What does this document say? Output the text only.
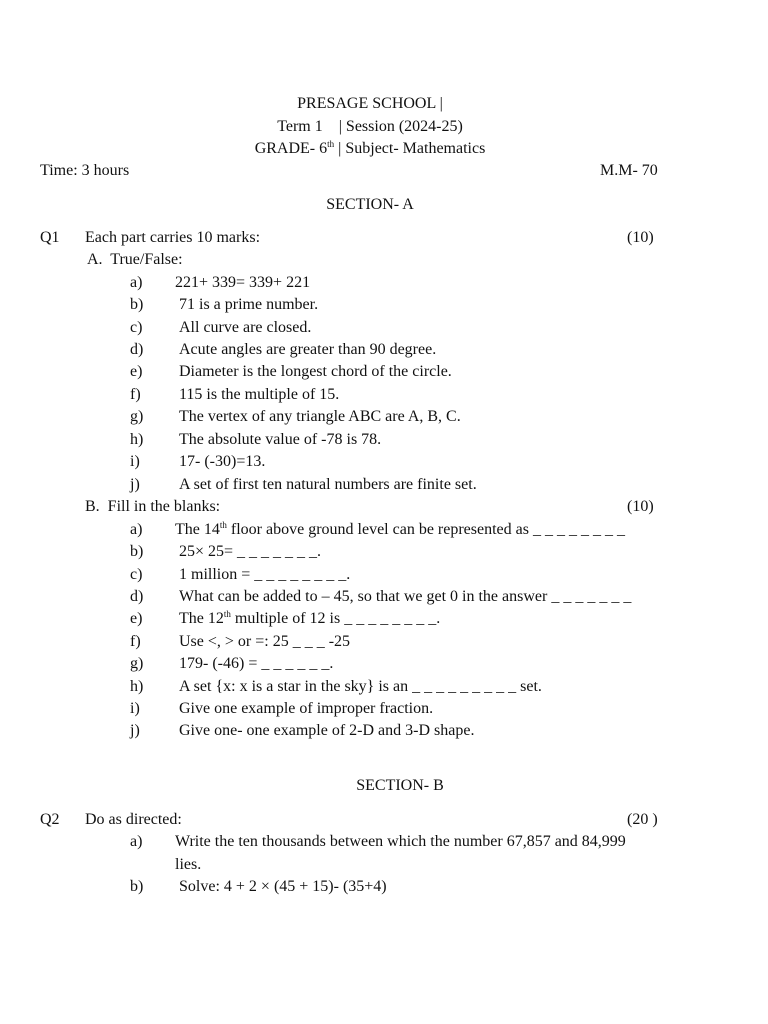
PRESAGE SCHOOL |
Term 1    | Session (2024-25)
GRADE- 6th | Subject- Mathematics
Time: 3 hours	M.M- 70
SECTION- A
Q1 Each part carries 10 marks:	(10)
A.  True/False:
a) 221+ 339= 339+ 221
b) 71 is a prime number.
c) All curve are closed.
d) Acute angles are greater than 90 degree.
e) Diameter is the longest chord of the circle.
f) 115 is the multiple of 15.
g) The vertex of any triangle ABC are A, B, C.
h) The absolute value of -78 is 78.
i) 17- (-30)=13.
j) A set of first ten natural numbers are finite set.
B.  Fill in the blanks:	(10)
a) The 14th floor above ground level can be represented as _ _ _ _ _ _ _ _
b) 25× 25= _ _ _ _ _ _ _.
c) 1 million = _ _ _ _ _ _ _ _.
d) What can be added to – 45, so that we get 0 in the answer _ _ _ _ _ _ _
e) The 12th multiple of 12 is _ _ _ _ _ _ _ _.
f) Use <, > or =: 25 _ _ _ -25
g) 179- (-46) = _ _ _ _ _ _.
h) A set {x: x is a star in the sky} is an _ _ _ _ _ _ _ _ _ set.
i) Give one example of improper fraction.
j) Give one- one example of 2-D and 3-D shape.
SECTION- B
Q2 Do as directed:	(20 )
a) Write the ten thousands between which the number 67,857 and 84,999
lies.
b) Solve: 4 + 2 × (45 + 15)- (35+4)
